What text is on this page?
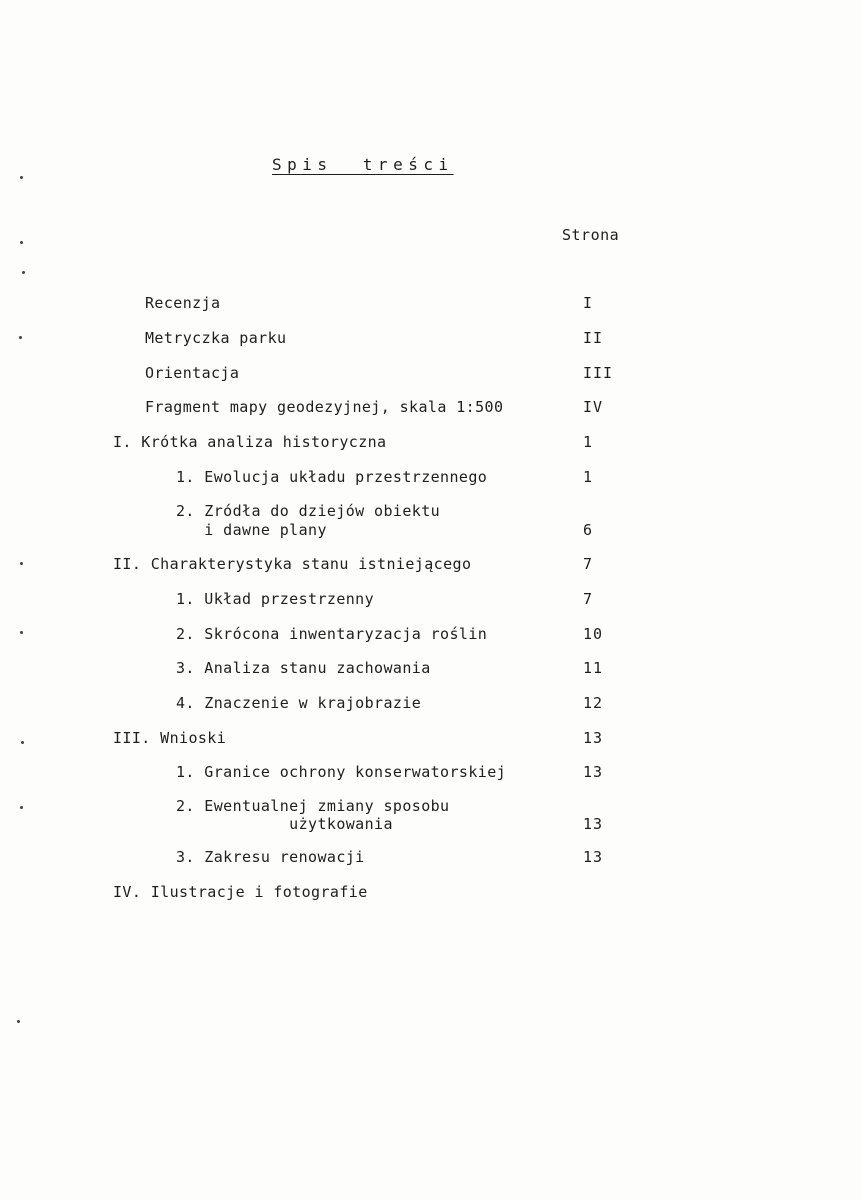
Spis  treści
Strona
Recenzja	I
Metryczka parku	II
Orientacja	III
Fragment mapy geodezyjnej, skala 1:500	IV
I. Krótka analiza historyczna	1
1. Ewolucja układu przestrzennego	1
2. Zródła do dziejów obiektu
i dawne plany	6
II. Charakterystyka stanu istniejącego	7
1. Układ przestrzenny	7
2. Skrócona inwentaryzacja roślin	10
3. Analiza stanu zachowania	11
4. Znaczenie w krajobrazie	12
III. Wnioski	13
1. Granice ochrony konserwatorskiej	13
2. Ewentualnej zmiany sposobu
użytkowania	13
3. Zakresu renowacji	13
IV. Ilustracje i fotografie
